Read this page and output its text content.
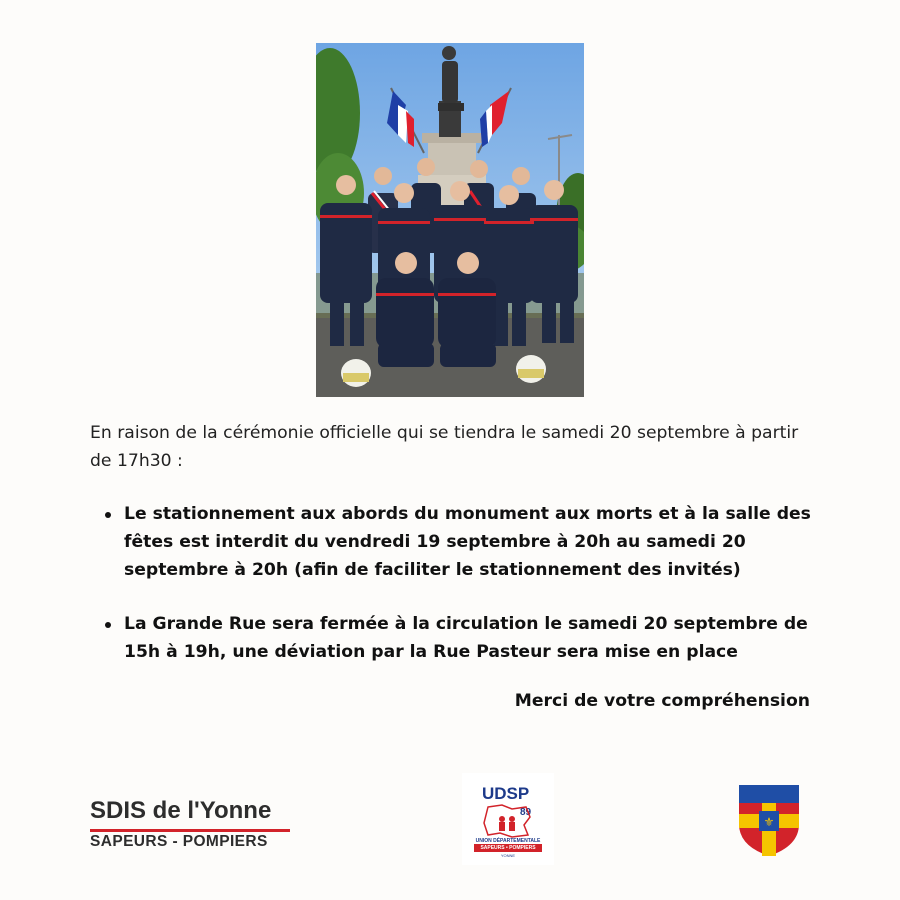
En raison de la cérémonie officielle qui se tiendra le samedi 20 septembre à partir de 17h30 :

Le stationnement aux abords du monument aux morts et à la salle des fêtes est interdit du vendredi 19 septembre à 20h au samedi 20 septembre à 20h (afin de faciliter le stationnement des invités)
La Grande Rue sera fermée à la circulation le samedi 20 septembre de 15h à 19h, une déviation par la Rue Pasteur sera mise en place
Merci de votre compréhension
SDIS de l'Yonne
SAPEURS - POMPIERS
UDSP
89
UNION DÉPARTEMENTALE
SAPEURS • POMPIERS
YONNE
⚜
